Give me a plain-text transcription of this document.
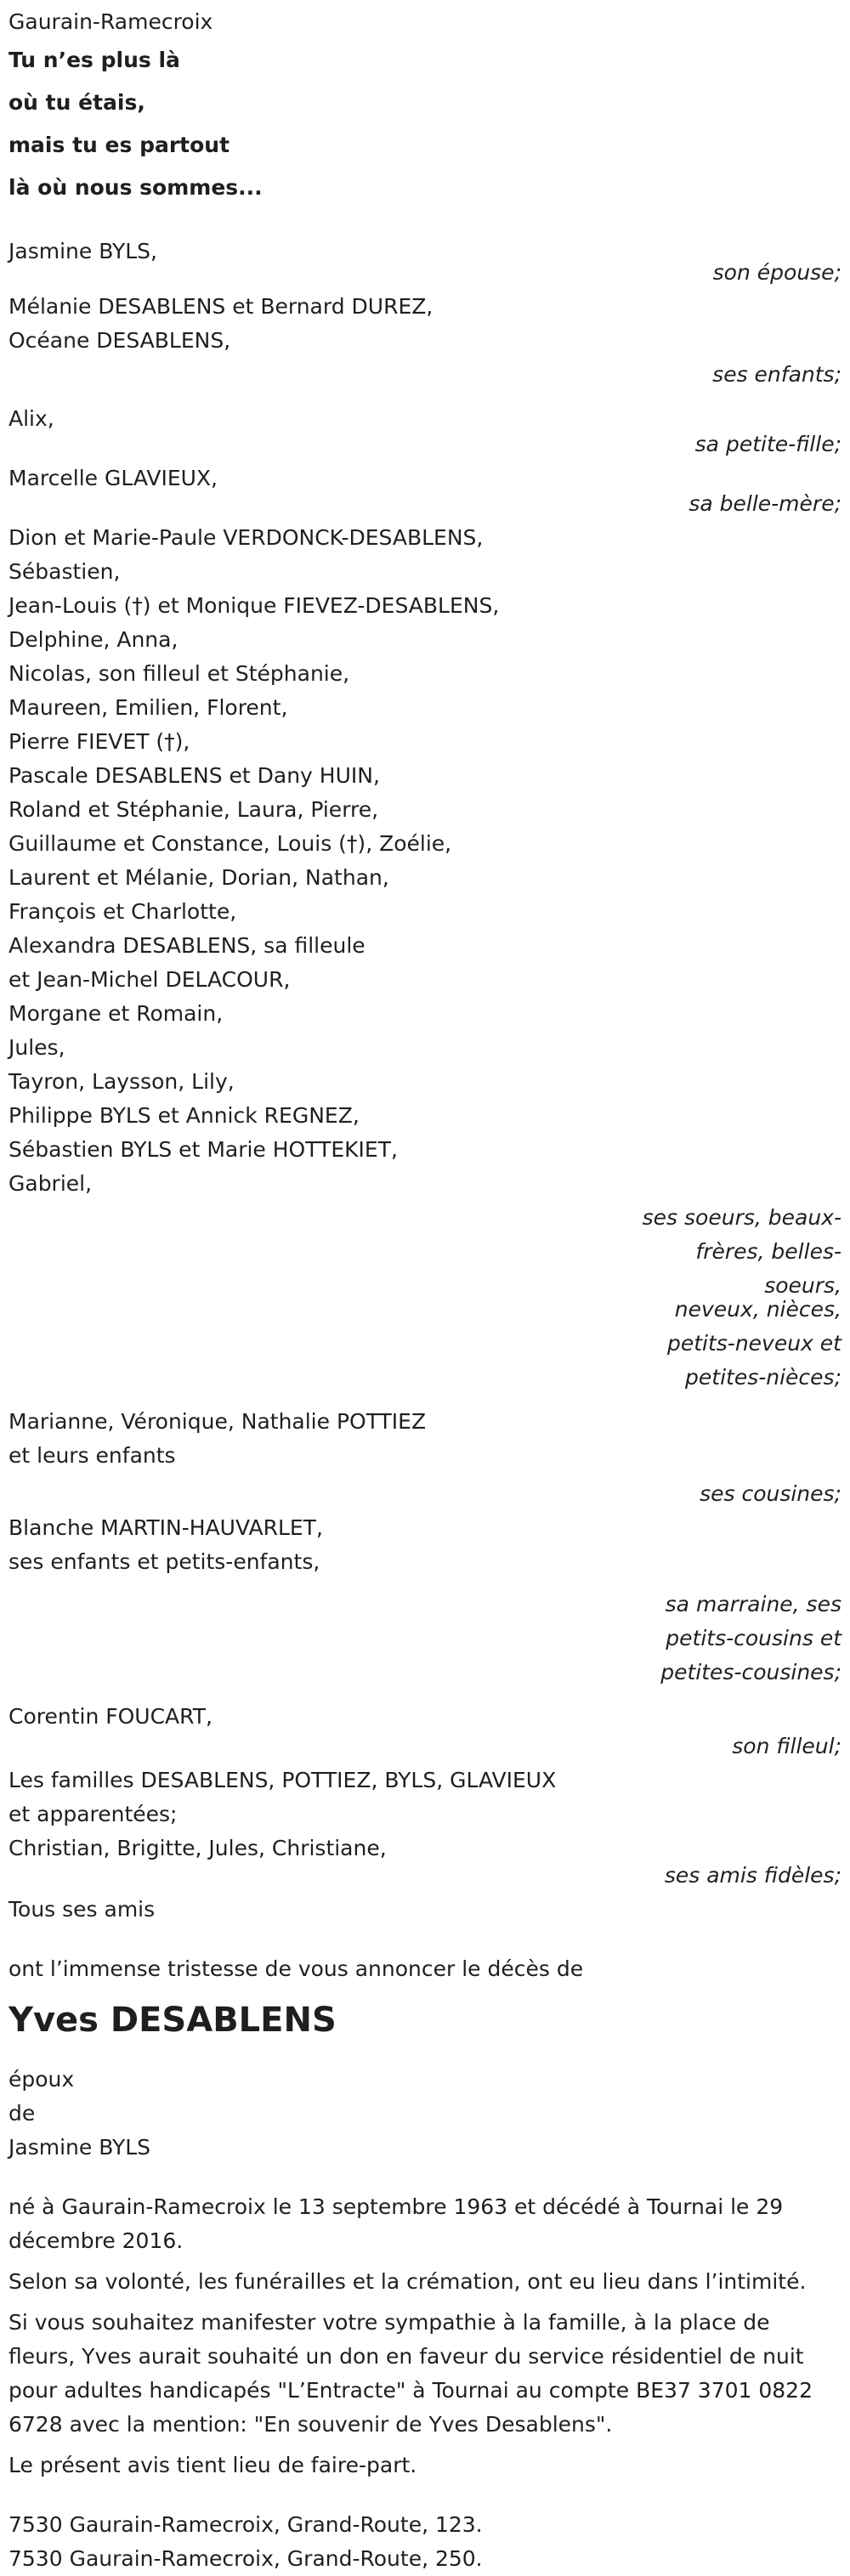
Gaurain-Ramecroix
Tu n’es plus là
où tu étais,
mais tu es partout
là où nous sommes...
Jasmine BYLS,
son épouse;
Mélanie DESABLENS et Bernard DUREZ,
Océane DESABLENS,
ses enfants;
Alix,
sa petite-fille;
Marcelle GLAVIEUX,
sa belle-mère;
Dion et Marie-Paule VERDONCK-DESABLENS,
Sébastien,
Jean-Louis (†) et Monique FIEVEZ-DESABLENS,
Delphine, Anna,
Nicolas, son filleul et Stéphanie,
Maureen, Emilien, Florent,
Pierre FIEVET (†),
Pascale DESABLENS et Dany HUIN,
Roland et Stéphanie, Laura, Pierre,
Guillaume et Constance, Louis (†), Zoélie,
Laurent et Mélanie, Dorian, Nathan,
François et Charlotte,
Alexandra DESABLENS, sa filleule
et Jean-Michel DELACOUR,
Morgane et Romain,
Jules,
Tayron, Laysson, Lily,
Philippe BYLS et Annick REGNEZ,
Sébastien BYLS et Marie HOTTEKIET,
Gabriel,
ses soeurs, beaux-frères, belles-soeurs,
neveux, nièces, petits-neveux et petites-nièces;
Marianne, Véronique, Nathalie POTTIEZ
et leurs enfants
ses cousines;
Blanche MARTIN-HAUVARLET,
ses enfants et petits-enfants,
sa marraine, ses petits-cousins et petites-cousines;
Corentin FOUCART,
son filleul;
Les familles DESABLENS, POTTIEZ, BYLS, GLAVIEUX
et apparentées;
Christian, Brigitte, Jules, Christiane,
ses amis fidèles;
Tous ses amis
ont l’immense tristesse de vous annoncer le décès de
Yves DESABLENS
époux
de
Jasmine BYLS

né à Gaurain-Ramecroix le 13 septembre 1963 et décédé à Tournai le 29 décembre 2016.

Selon sa volonté, les funérailles et la crémation, ont eu lieu dans l’intimité.

Si vous souhaitez manifester votre sympathie à la famille, à la place de fleurs, Yves aurait souhaité un don en faveur du service résidentiel de nuit pour adultes handicapés "L’Entracte" à Tournai au compte BE37 3701 0822 6728 avec la mention: "En souvenir de Yves Desablens".

Le présent avis tient lieu de faire-part.

7530 Gaurain-Ramecroix, Grand-Route, 123.
7530 Gaurain-Ramecroix, Grand-Route, 250.
